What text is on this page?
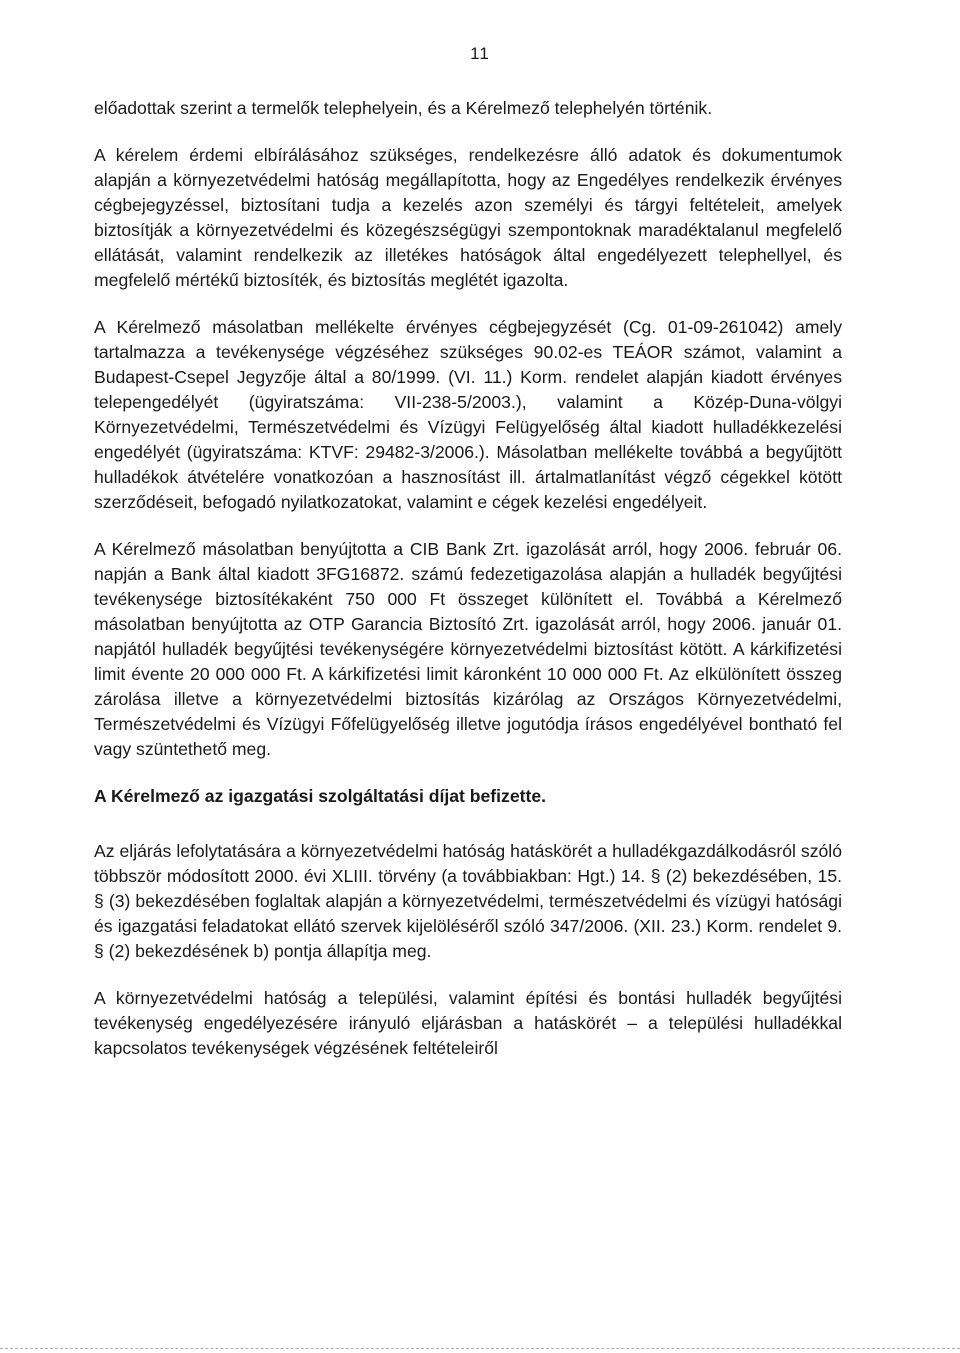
11

előadottak szerint a termelők telephelyein, és a Kérelmező telephelyén történik.

A kérelem érdemi elbírálásához szükséges, rendelkezésre álló adatok és dokumentumok alapján a környezetvédelmi hatóság megállapította, hogy az Engedélyes rendelkezik érvényes cégbejegyzéssel, biztosítani tudja a kezelés azon személyi és tárgyi feltételeit, amelyek biztosítják a környezetvédelmi és közegészségügyi szempontoknak maradéktalanul megfelelő ellátását, valamint rendelkezik az illetékes hatóságok által engedélyezett telephellyel, és megfelelő mértékű biztosíték, és biztosítás meglétét igazolta.

A Kérelmező másolatban mellékelte érvényes cégbejegyzését (Cg. 01-09-261042) amely tartalmazza a tevékenysége végzéséhez szükséges 90.02-es TEÁOR számot, valamint a Budapest-Csepel Jegyzője által a 80/1999. (VI. 11.) Korm. rendelet alapján kiadott érvényes telepengedélyét (ügyiratszáma: VII-238-5/2003.), valamint a Közép-Duna-völgyi Környezetvédelmi, Természetvédelmi és Vízügyi Felügyelőség által kiadott hulladékkezelési engedélyét (ügyiratszáma: KTVF: 29482-3/2006.). Másolatban mellékelte továbbá a begyűjtött hulladékok átvételére vonatkozóan a hasznosítást ill. ártalmatlanítást végző cégekkel kötött szerződéseit, befogadó nyilatkozatokat, valamint e cégek kezelési engedélyeit.

A Kérelmező másolatban benyújtotta a CIB Bank Zrt. igazolását arról, hogy 2006. február 06. napján a Bank által kiadott 3FG16872. számú fedezetigazolása alapján a hulladék begyűjtési tevékenysége biztosítékaként 750 000 Ft összeget különített el. Továbbá a Kérelmező másolatban benyújtotta az OTP Garancia Biztosító Zrt. igazolását arról, hogy 2006. január 01. napjától hulladék begyűjtési tevékenységére környezetvédelmi biztosítást kötött. A kárkifizetési limit évente 20 000 000 Ft. A kárkifizetési limit káronként 10 000 000 Ft. Az elkülönített összeg zárolása illetve a környezetvédelmi biztosítás kizárólag az Országos Környezetvédelmi, Természetvédelmi és Vízügyi Főfelügyelőség illetve jogutódja írásos engedélyével bontható fel vagy szüntethető meg.

A Kérelmező az igazgatási szolgáltatási díjat befizette.

Az eljárás lefolytatására a környezetvédelmi hatóság hatáskörét a hulladékgazdálkodásról szóló többször módosított 2000. évi XLIII. törvény (a továbbiakban: Hgt.) 14. § (2) bekezdésében, 15. § (3) bekezdésében foglaltak alapján a környezetvédelmi, természetvédelmi és vízügyi hatósági és igazgatási feladatokat ellátó szervek kijelöléséről szóló 347/2006. (XII. 23.) Korm. rendelet 9. § (2) bekezdésének b) pontja állapítja meg.

A környezetvédelmi hatóság a települési, valamint építési és bontási hulladék begyűjtési tevékenység engedélyezésére irányuló eljárásban a hatáskörét – a települési hulladékkal kapcsolatos tevékenységek végzésének feltételeiről
